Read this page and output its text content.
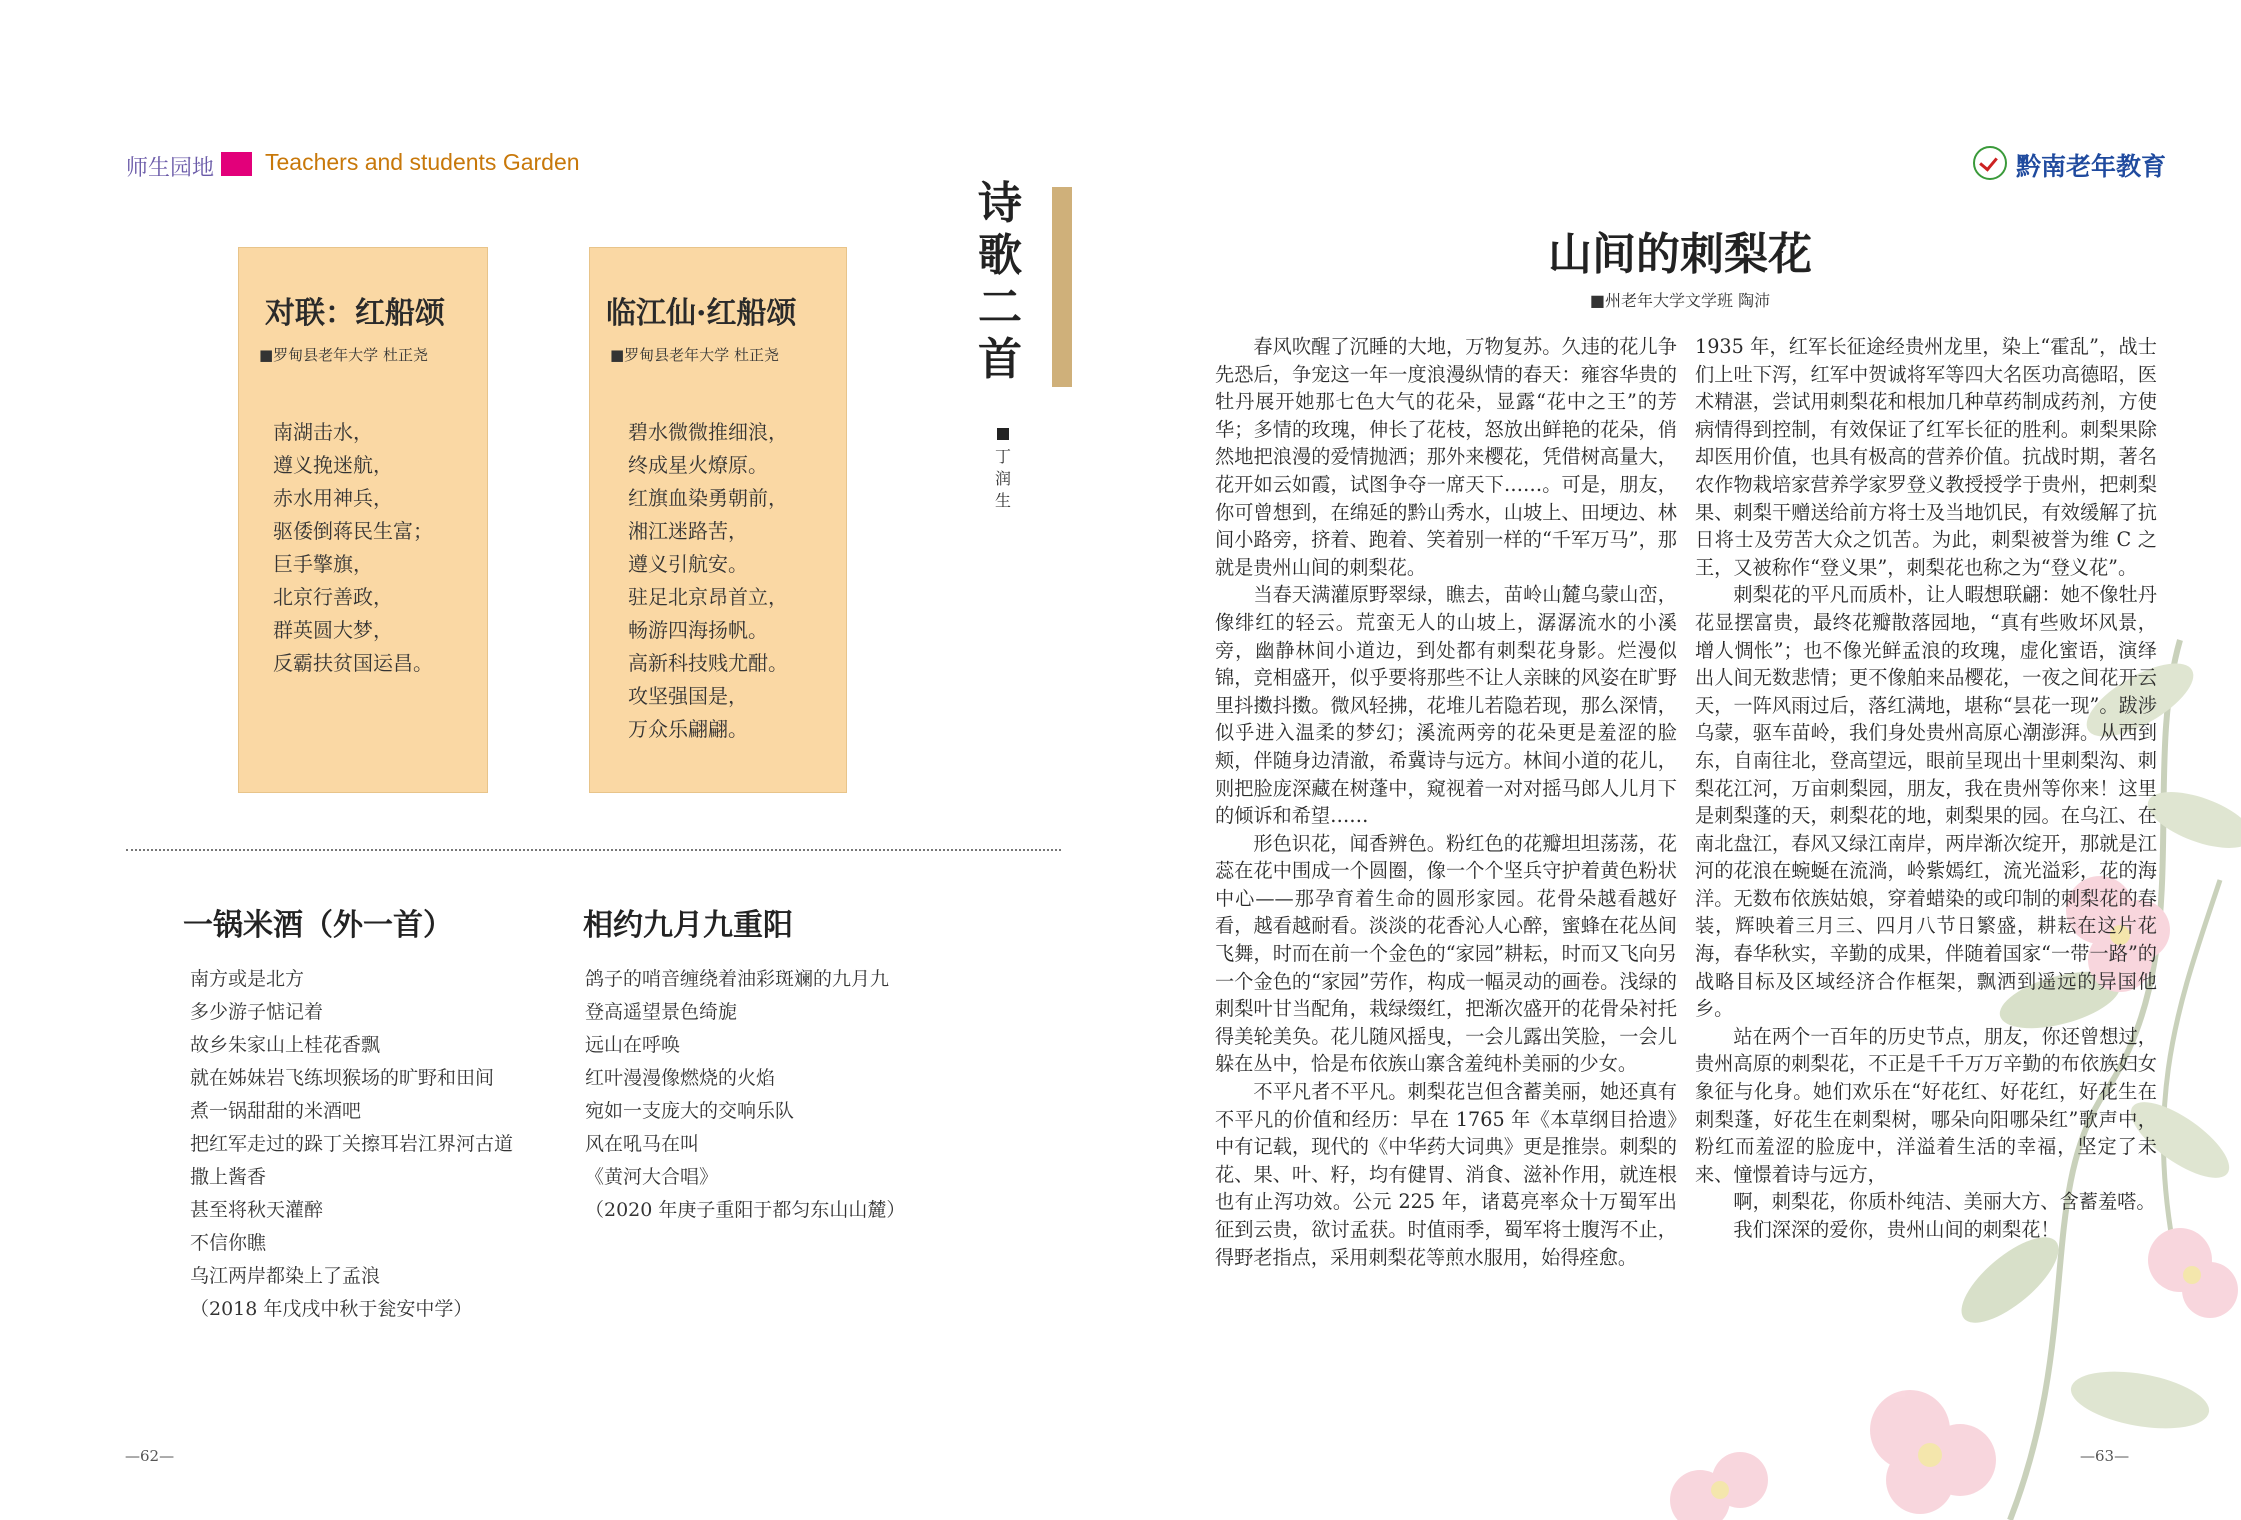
师生园地 Teachers and students Garden	黔南老年教育
对联：红船颂
■罗甸县老年大学 杜正尧
南湖击水，
遵义挽迷航，
赤水用神兵，
驱倭倒蒋民生富；
巨手擎旗，
北京行善政，
群英圆大梦，
反霸扶贫国运昌。
临江仙·红船颂
■罗甸县老年大学 杜正尧
碧水微微推细浪，
终成星火燎原。
红旗血染勇朝前，
湘江迷路苦，
遵义引航安。
驻足北京昂首立，
畅游四海扬帆。
高新科技贱尤酣。
攻坚强国是，
万众乐翩翩。
诗
歌
二
首
丁
润
生
一锅米酒（外一首）
南方或是北方
多少游子惦记着
故乡朱家山上桂花香飘
就在姊妹岩飞练坝猴场的旷野和田间
煮一锅甜甜的米酒吧
把红军走过的跺丁关擦耳岩江界河古道
撒上酱香
甚至将秋天灌醉
不信你瞧
乌江两岸都染上了孟浪
（2018 年戊戌中秋于瓮安中学）
相约九月九重阳
鸽子的哨音缠绕着油彩斑斓的九月九
登高遥望景色绮旎
远山在呼唤
红叶漫漫像燃烧的火焰
宛如一支庞大的交响乐队
风在吼马在叫
《黄河大合唱》
（2020 年庚子重阳于都匀东山山麓）
—62—
山间的刺梨花
■州老年大学文学班 陶沛

春风吹醒了沉睡的大地，万物复苏。久违的花儿争先恐后，争宠这一年一度浪漫纵情的春天：雍容华贵的牡丹展开她那七色大气的花朵，显露“花中之王”的芳华；多情的玫瑰，伸长了花枝，怒放出鲜艳的花朵，俏然地把浪漫的爱情抛洒；那外来樱花，凭借树高量大，花开如云如霞，试图争夺一席天下……。可是，朋友，你可曾想到，在绵延的黔山秀水，山坡上、田埂边、林间小路旁，挤着、跑着、笑着别一样的“千军万马”，那就是贵州山间的刺梨花。

当春天满灌原野翠绿，瞧去，苗岭山麓乌蒙山峦，像绯红的轻云。荒蛮无人的山坡上，潺潺流水的小溪旁，幽静林间小道边，到处都有刺梨花身影。烂漫似锦，竞相盛开，似乎要将那些不让人亲睐的风姿在旷野里抖擞抖擞。微风轻拂，花堆儿若隐若现，那么深情，似乎进入温柔的梦幻；溪流两旁的花朵更是羞涩的脸颊，伴随身边清澈，希冀诗与远方。林间小道的花儿，则把脸庞深藏在树蓬中，窥视着一对对摇马郎人儿月下的倾诉和希望……

形色识花，闻香辨色。粉红色的花瓣坦坦荡荡，花蕊在花中围成一个圆圈，像一个个坚兵守护着黄色粉状中心——那孕育着生命的圆形家园。花骨朵越看越好看，越看越耐看。淡淡的花香沁人心醉，蜜蜂在花丛间飞舞，时而在前一个金色的“家园”耕耘，时而又飞向另一个金色的“家园”劳作，构成一幅灵动的画卷。浅绿的刺梨叶甘当配角，栽绿缀红，把渐次盛开的花骨朵衬托得美轮美奂。花儿随风摇曳，一会儿露出笑脸，一会儿躲在丛中，恰是布依族山寨含羞纯朴美丽的少女。

不平凡者不平凡。刺梨花岂但含蓄美丽，她还真有不平凡的价值和经历：早在 1765 年《本草纲目拾遗》中有记载，现代的《中华药大词典》更是推崇。刺梨的花、果、叶、籽，均有健胃、消食、滋补作用，就连根也有止泻功效。公元 225 年，诸葛亮率众十万蜀军出征到云贵，欲讨孟获。时值雨季，蜀军将士腹泻不止，得野老指点，采用刺梨花等煎水服用，始得痊愈。

1935 年，红军长征途经贵州龙里，染上“霍乱”，战士们上吐下泻，红军中贺诚将军等四大名医功高德昭，医术精湛，尝试用刺梨花和根加几种草药制成药剂，方使病情得到控制，有效保证了红军长征的胜利。刺梨果除却医用价值，也具有极高的营养价值。抗战时期，著名农作物栽培家营养学家罗登义教授授学于贵州，把刺梨果、刺梨干赠送给前方将士及当地饥民，有效缓解了抗日将士及劳苦大众之饥苦。为此，刺梨被誉为维 C 之王，又被称作“登义果”，刺梨花也称之为“登义花”。

刺梨花的平凡而质朴，让人暇想联翩：她不像牡丹花显摆富贵，最终花瓣散落园地，“真有些败坏风景，增人惆怅”；也不像光鲜孟浪的玫瑰，虚化蜜语，演绎出人间无数悲情；更不像舶来品樱花，一夜之间花开云天，一阵风雨过后，落红满地，堪称“昙花一现”。跋涉乌蒙，驱车苗岭，我们身处贵州高原心潮澎湃。从西到东，自南往北，登高望远，眼前呈现出十里刺梨沟、刺梨花江河，万亩刺梨园，朋友，我在贵州等你来！这里是刺梨蓬的天，刺梨花的地，刺梨果的园。在乌江、在南北盘江，春风又绿江南岸，两岸渐次绽开，那就是江河的花浪在蜿蜒在流淌，岭紫嫣红，流光溢彩，花的海洋。无数布依族姑娘，穿着蜡染的或印制的刺梨花的春装，辉映着三月三、四月八节日繁盛，耕耘在这片花海，春华秋实，辛勤的成果，伴随着国家“一带一路”的战略目标及区域经济合作框架，飘洒到遥远的异国他乡。

站在两个一百年的历史节点，朋友，你还曾想过，贵州高原的刺梨花，不正是千千万万辛勤的布依族妇女象征与化身。她们欢乐在“好花红、好花红，好花生在刺梨蓬，好花生在刺梨树，哪朵向阳哪朵红”歌声中，粉红而羞涩的脸庞中，洋溢着生活的幸福，坚定了未来、憧憬着诗与远方，

啊，刺梨花，你质朴纯洁、美丽大方、含蓄羞嗒。

我们深深的爱你，贵州山间的刺梨花！

—63—
